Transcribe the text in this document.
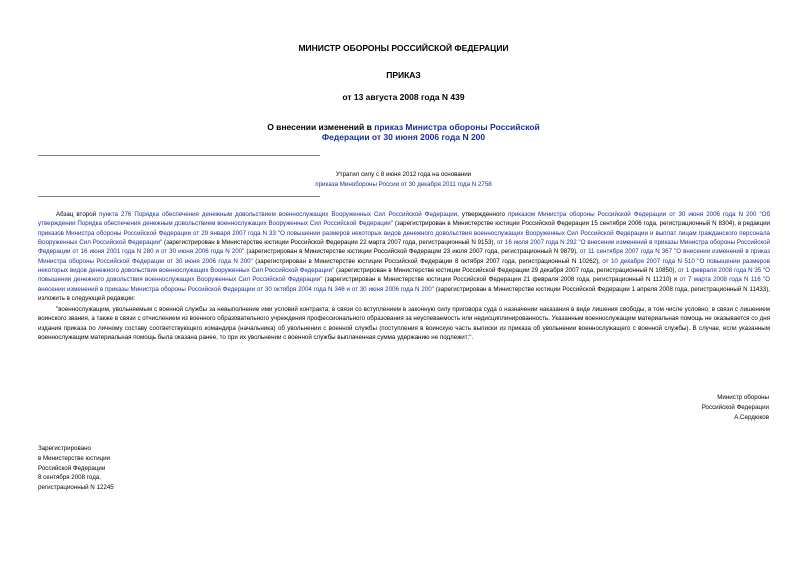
МИНИСТР ОБОРОНЫ РОССИЙСКОЙ ФЕДЕРАЦИИ
ПРИКАЗ
от 13 августа 2008 года N 439
О внесении изменений в приказ Министра обороны Российской Федерации от 30 июня 2006 года N 200
Утратил силу с 8 июня 2012 года на основании
приказа Минобороны России от 30 декабря 2011 года N 2758
Абзац второй пункта 276 Порядка обеспечения денежным довольствием военнослужащих Вооруженных Сил Российской Федерации, утвержденного приказом Министра обороны Российской Федерации от 30 июня 2006 года N 200 "Об утверждении Порядка обеспечения денежным довольствием военнослужащих Вооруженных Сил Российской Федерации" (зарегистрирован в Министерстве юстиции Российской Федерации 15 сентября 2006 года, регистрационный N 8304), в редакции приказов Министра обороны Российской Федерации от 29 января 2007 года N 33 "О повышении размеров некоторых видов денежного довольствия военнослужащих Вооруженных Сил Российской Федерации и выплат лицам гражданского персонала Вооруженных Сил Российской Федерации" (зарегистрирован в Министерстве юстиции Российской Федерации 22 марта 2007 года, регистрационный N 9153), от 16 июля 2007 года N 292 "О внесении изменений в приказы Министра обороны Российской Федерации от 16 июня 2001 года N 280 и от 30 июня 2006 года N 200" (зарегистрирован в Министерстве юстиции Российской Федерации 23 июля 2007 года, регистрационный N 9879), от 11 сентября 2007 года N 367 "О внесении изменений в приказ Министра обороны Российской Федерации от 30 июня 2006 года N 200" (зарегистрирован в Министерстве юстиции Российской Федерации 8 октября 2007 года, регистрационный N 10262), от 10 декабря 2007 года N 510 "О повышении размеров некоторых видов денежного довольствия военнослужащих Вооруженных Сил Российской Федерации" (зарегистрирован в Министерстве юстиции Российской Федерации 29 декабря 2007 года, регистрационный N 10850), от 1 февраля 2008 года N 35 "О повышении денежного довольствия военнослужащих Вооруженных Сил Российской Федерации" (зарегистрирован в Министерстве юстиции Российской Федерации 21 февраля 2008 года, регистрационный N 11210) и от 7 марта 2008 года N 116 "О внесении изменений в приказы Министра обороны Российской Федерации от 30 октября 2004 года N 346 и от 30 июня 2006 года N 200" (зарегистрирован в Министерстве юстиции Российской Федерации 1 апреля 2008 года, регистрационный N 11433), изложить в следующей редакции:
"военнослужащим, увольняемым с военной службы за невыполнение ими условий контракта; в связи со вступлением в законную силу приговора суда о назначении наказания в виде лишения свободы, в том числе условно; в связи с лишением воинского звания, а также в связи с отчислением из военного образовательного учреждения профессионального образования за неуспеваемость или недисциплинированность. Указанным военнослужащим материальная помощь не оказывается со дня издания приказа по личному составу соответствующего командира (начальника) об увольнении с военной службы (поступления в воинскую часть выписки из приказа об увольнении военнослужащего с военной службы). В случае, если указанным военнослужащим материальная помощь была оказана ранее, то при их увольнении с военной службы выплаченная сумма удержанию не подлежит;".
Министр обороны
Российской Федерации
А.Сердюков
Зарегистрировано
в Министерстве юстиции
Российской Федерации
8 сентября 2008 года,
регистрационный N 12245
